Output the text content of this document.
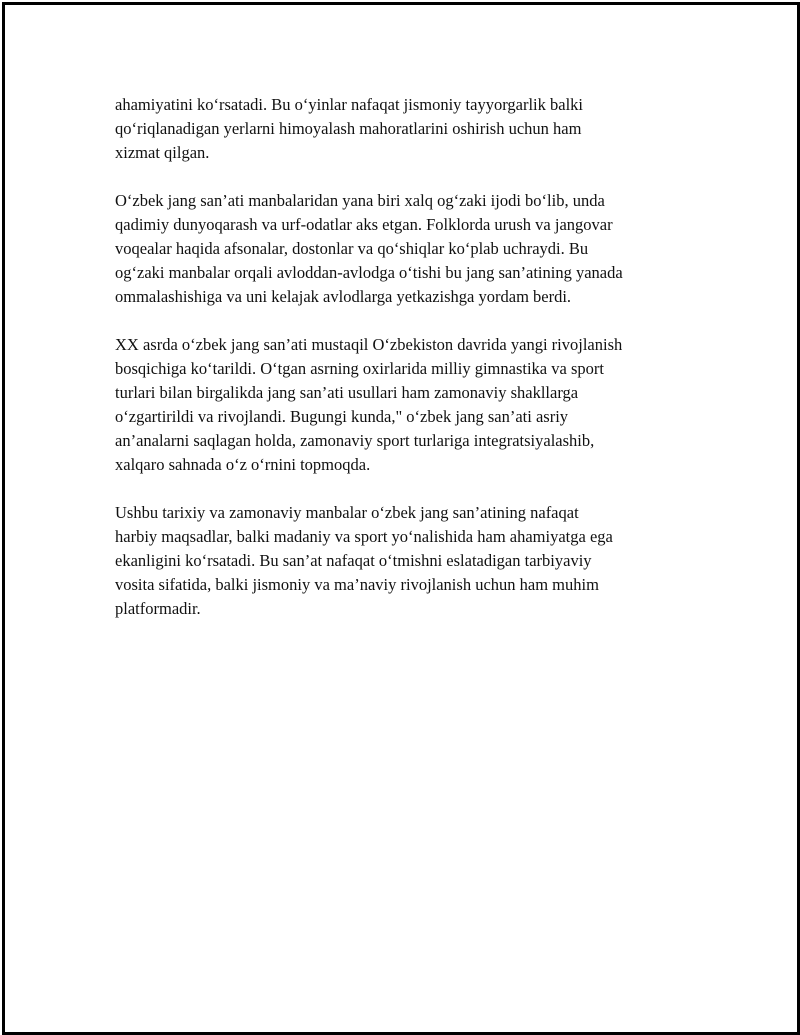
ahamiyatini ko‘rsatadi. Bu o‘yinlar nafaqat jismoniy tayyorgarlik balki
qo‘riqlanadigan yerlarni himoyalash mahoratlarini oshirish uchun ham
xizmat qilgan.

O‘zbek jang san’ati manbalaridan yana biri xalq og‘zaki ijodi bo‘lib, unda
qadimiy dunyoqarash va urf-odatlar aks etgan. Folklorda urush va jangovar
voqealar haqida afsonalar, dostonlar va qo‘shiqlar ko‘plab uchraydi. Bu
og‘zaki manbalar orqali avloddan-avlodga o‘tishi bu jang san’atining yanada
ommalashishiga va uni kelajak avlodlarga yetkazishga yordam berdi.

XX asrda o‘zbek jang san’ati mustaqil O‘zbekiston davrida yangi rivojlanish
bosqichiga ko‘tarildi. O‘tgan asrning oxirlarida milliy gimnastika va sport
turlari bilan birgalikda jang san’ati usullari ham zamonaviy shakllarga
o‘zgartirildi va rivojlandi. Bugungi kunda," o‘zbek jang san’ati asriy
an’analarni saqlagan holda, zamonaviy sport turlariga integratsiyalashib,
xalqaro sahnada o‘z o‘rnini topmoqda.

Ushbu tarixiy va zamonaviy manbalar o‘zbek jang san’atining nafaqat
harbiy maqsadlar, balki madaniy va sport yo‘nalishida ham ahamiyatga ega
ekanligini ko‘rsatadi. Bu san’at nafaqat o‘tmishni eslatadigan tarbiyaviy
vosita sifatida, balki jismoniy va ma’naviy rivojlanish uchun ham muhim
platformadir.
